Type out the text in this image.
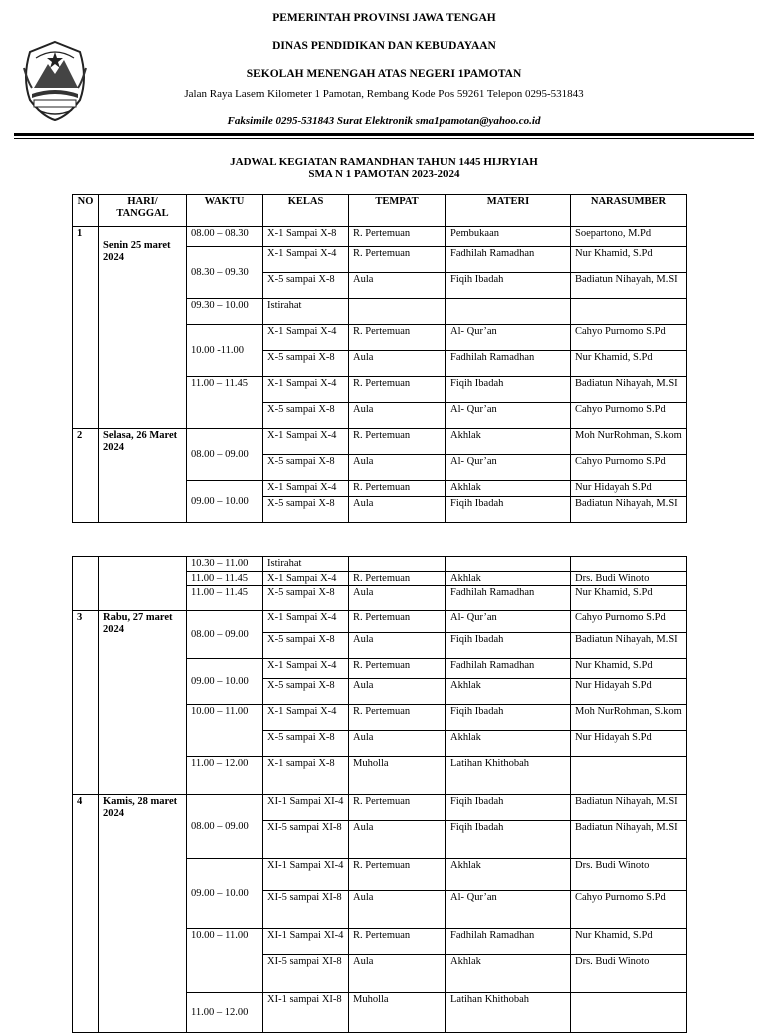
PEMERINTAH PROVINSI JAWA TENGAH
DINAS PENDIDIKAN DAN KEBUDAYAAN
SEKOLAH MENENGAH ATAS NEGERI 1PAMOTAN
Jalan Raya Lasem Kilometer 1 Pamotan, Rembang Kode Pos 59261 Telepon 0295-531843
Faksimile 0295-531843 Surat Elektronik sma1pamotan@yahoo.co.id
JADWAL KEGIATAN RAMANDHAN TAHUN 1445 HIJRYIAH
SMA N 1 PAMOTAN 2023-2024
NO	HARI/ TANGGAL	WAKTU	KELAS	TEMPAT	MATERI	NARASUMBER
1	Senin 25 maret 2024	08.00 – 08.30	X-1 Sampai X-8	R. Pertemuan	Pembukaan	Soepartono, M.Pd
		08.30 – 09.30	X-1 Sampai X-4	R. Pertemuan	Fadhilah Ramadhan	Nur Khamid, S.Pd
			X-5 sampai X-8	Aula	Fiqih Ibadah	Badiatun Nihayah, M.SI
		09.30 – 10.00	Istirahat			
		10.00 -11.00	X-1 Sampai X-4	R. Pertemuan	Al- Qur’an	Cahyo Purnomo S.Pd
			X-5 sampai X-8	Aula	Fadhilah Ramadhan	Nur Khamid, S.Pd
		11.00 – 11.45	X-1 Sampai X-4	R. Pertemuan	Fiqih Ibadah	Badiatun Nihayah, M.SI
			X-5 sampai X-8	Aula	Al- Qur’an	Cahyo Purnomo S.Pd
2	Selasa, 26 Maret 2024	08.00 – 09.00	X-1 Sampai X-4	R. Pertemuan	Akhlak	Moh NurRohman, S.kom
			X-5 sampai X-8	Aula	Al- Qur’an	Cahyo Purnomo S.Pd
		09.00 – 10.00	X-1 Sampai X-4	R. Pertemuan	Akhlak	Nur Hidayah S.Pd
			X-5 sampai X-8	Aula	Fiqih Ibadah	Badiatun Nihayah, M.SI
		10.30 – 11.00	Istirahat			
		11.00 – 11.45	X-1 Sampai X-4	R. Pertemuan	Akhlak	Drs. Budi Winoto
		11.00 – 11.45	X-5 sampai X-8	Aula	Fadhilah Ramadhan	Nur Khamid, S.Pd
3	Rabu, 27 maret 2024	08.00 – 09.00	X-1 Sampai X-4	R. Pertemuan	Al- Qur’an	Cahyo Purnomo S.Pd
			X-5 sampai X-8	Aula	Fiqih Ibadah	Badiatun Nihayah, M.SI
		09.00 – 10.00	X-1 Sampai X-4	R. Pertemuan	Fadhilah Ramadhan	Nur Khamid, S.Pd
			X-5 sampai X-8	Aula	Akhlak	Nur Hidayah S.Pd
		10.00 – 11.00	X-1 Sampai X-4	R. Pertemuan	Fiqih Ibadah	Moh NurRohman, S.kom
			X-5 sampai X-8	Aula	Akhlak	Nur Hidayah S.Pd
		11.00 – 12.00	X-1 sampai X-8	Muholla	Latihan Khithobah	
4	Kamis, 28 maret 2024	08.00 – 09.00	XI-1 Sampai XI-4	R. Pertemuan	Fiqih Ibadah	Badiatun Nihayah, M.SI
			XI-5 sampai XI-8	Aula	Fiqih Ibadah	Badiatun Nihayah, M.SI
		09.00 – 10.00	XI-1 Sampai XI-4	R. Pertemuan	Akhlak	Drs. Budi Winoto
			XI-5 sampai XI-8	Aula	Al- Qur’an	Cahyo Purnomo S.Pd
		10.00 – 11.00	XI-1 Sampai XI-4	R. Pertemuan	Fadhilah Ramadhan	Nur Khamid, S.Pd
			XI-5 sampai XI-8	Aula	Akhlak	Drs. Budi Winoto
		11.00 – 12.00	XI-1 sampai XI-8	Muholla	Latihan Khithobah	
